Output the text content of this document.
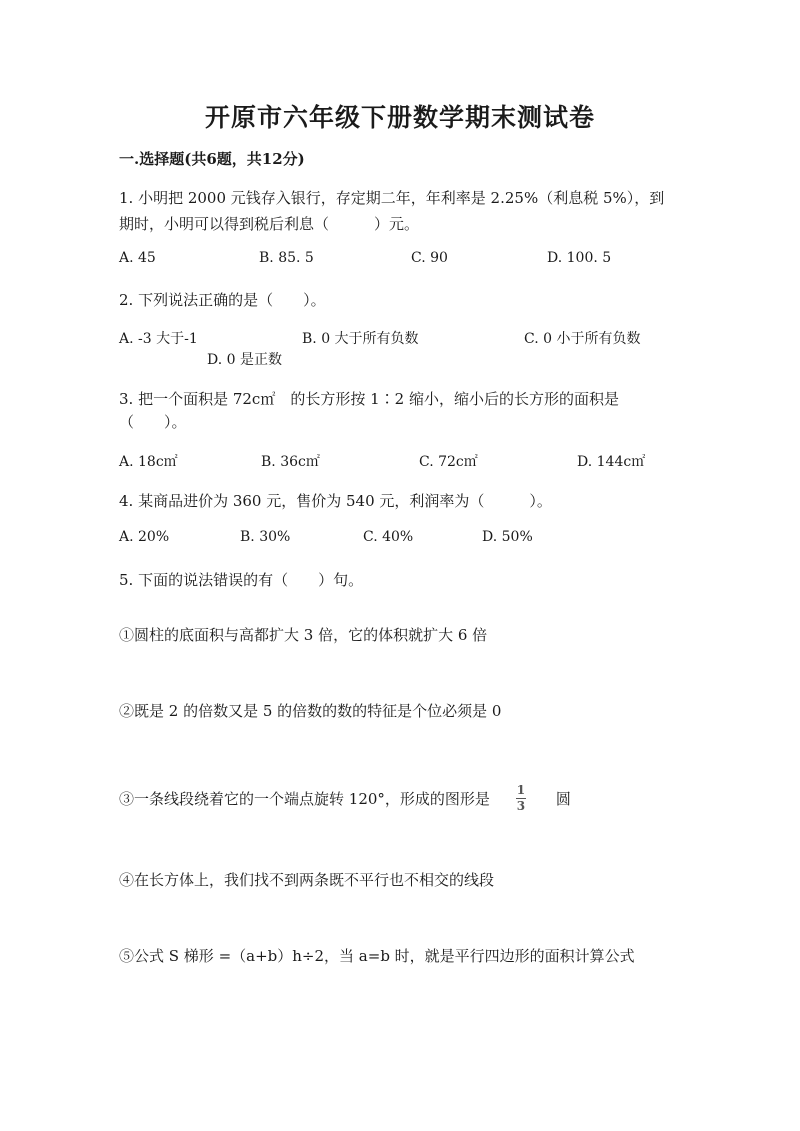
开原市六年级下册数学期末测试卷
一.选择题(共6题，共12分)
1. 小明把 2000 元钱存入银行，存定期二年，年利率是 2.25%（利息税 5%），到
期时，小明可以得到税后利息（　　　）元。
A. 45	B. 85. 5	C. 90	D. 100. 5
2. 下列说法正确的是（　　）。
A. -3 大于-1	B. 0 大于所有负数	C. 0 小于所有负数
D. 0 是正数
3. 把一个面积是 72c㎡　的长方形按 1∶2 缩小，缩小后的长方形的面积是
（　　）。
A. 18c㎡	B. 36c㎡	C. 72c㎡	D. 144c㎡
4. 某商品进价为 360 元，售价为 540 元，利润率为（　　　）。
A. 20%	B. 30%	C. 40%	D. 50%
5. 下面的说法错误的有（　　）句。
①圆柱的底面积与高都扩大 3 倍，它的体积就扩大 6 倍
②既是 2 的倍数又是 5 的倍数的数的特征是个位必须是 0
③一条线段绕着它的一个端点旋转 120°，形成的图形是 $\frac{1}{3}$ 圆
④在长方体上，我们找不到两条既不平行也不相交的线段
⑤公式 S 梯形 =（a+b）h÷2，当 a=b 时，就是平行四边形的面积计算公式
